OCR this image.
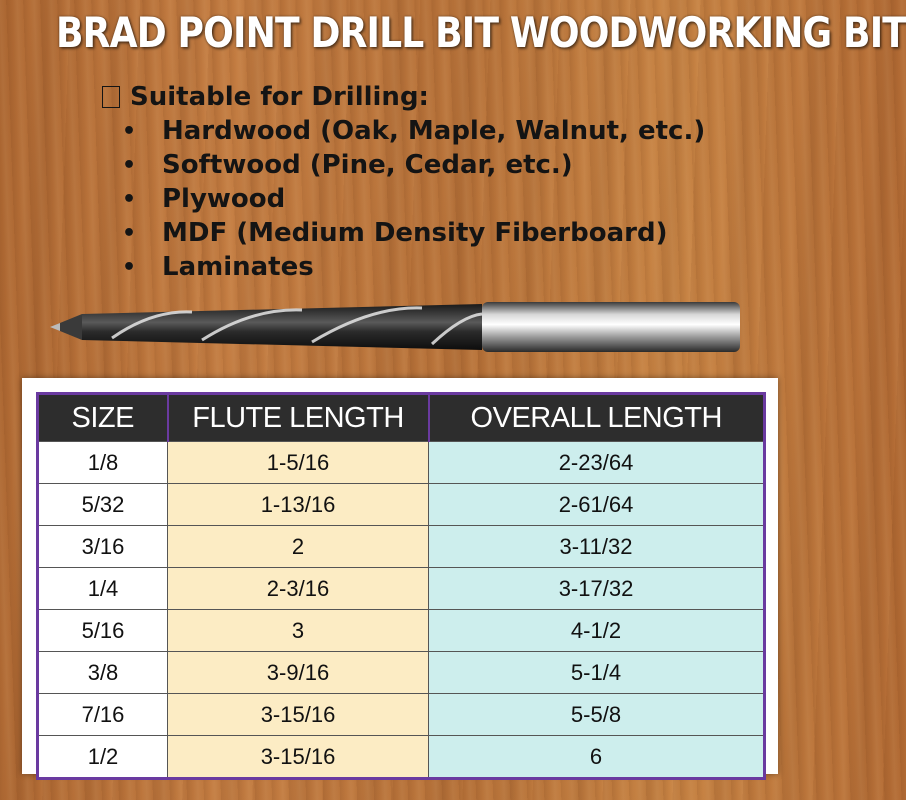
BRAD POINT DRILL BIT WOODWORKING BIT
Suitable for Drilling:
• Hardwood (Oak, Maple, Walnut, etc.)
• Softwood (Pine, Cedar, etc.)
• Plywood
• MDF (Medium Density Fiberboard)
• Laminates
SIZE	FLUTE LENGTH	OVERALL LENGTH
1/8	1-5/16	2-23/64
5/32	1-13/16	2-61/64
3/16	2	3-11/32
1/4	2-3/16	3-17/32
5/16	3	4-1/2
3/8	3-9/16	5-1/4
7/16	3-15/16	5-5/8
1/2	3-15/16	6
